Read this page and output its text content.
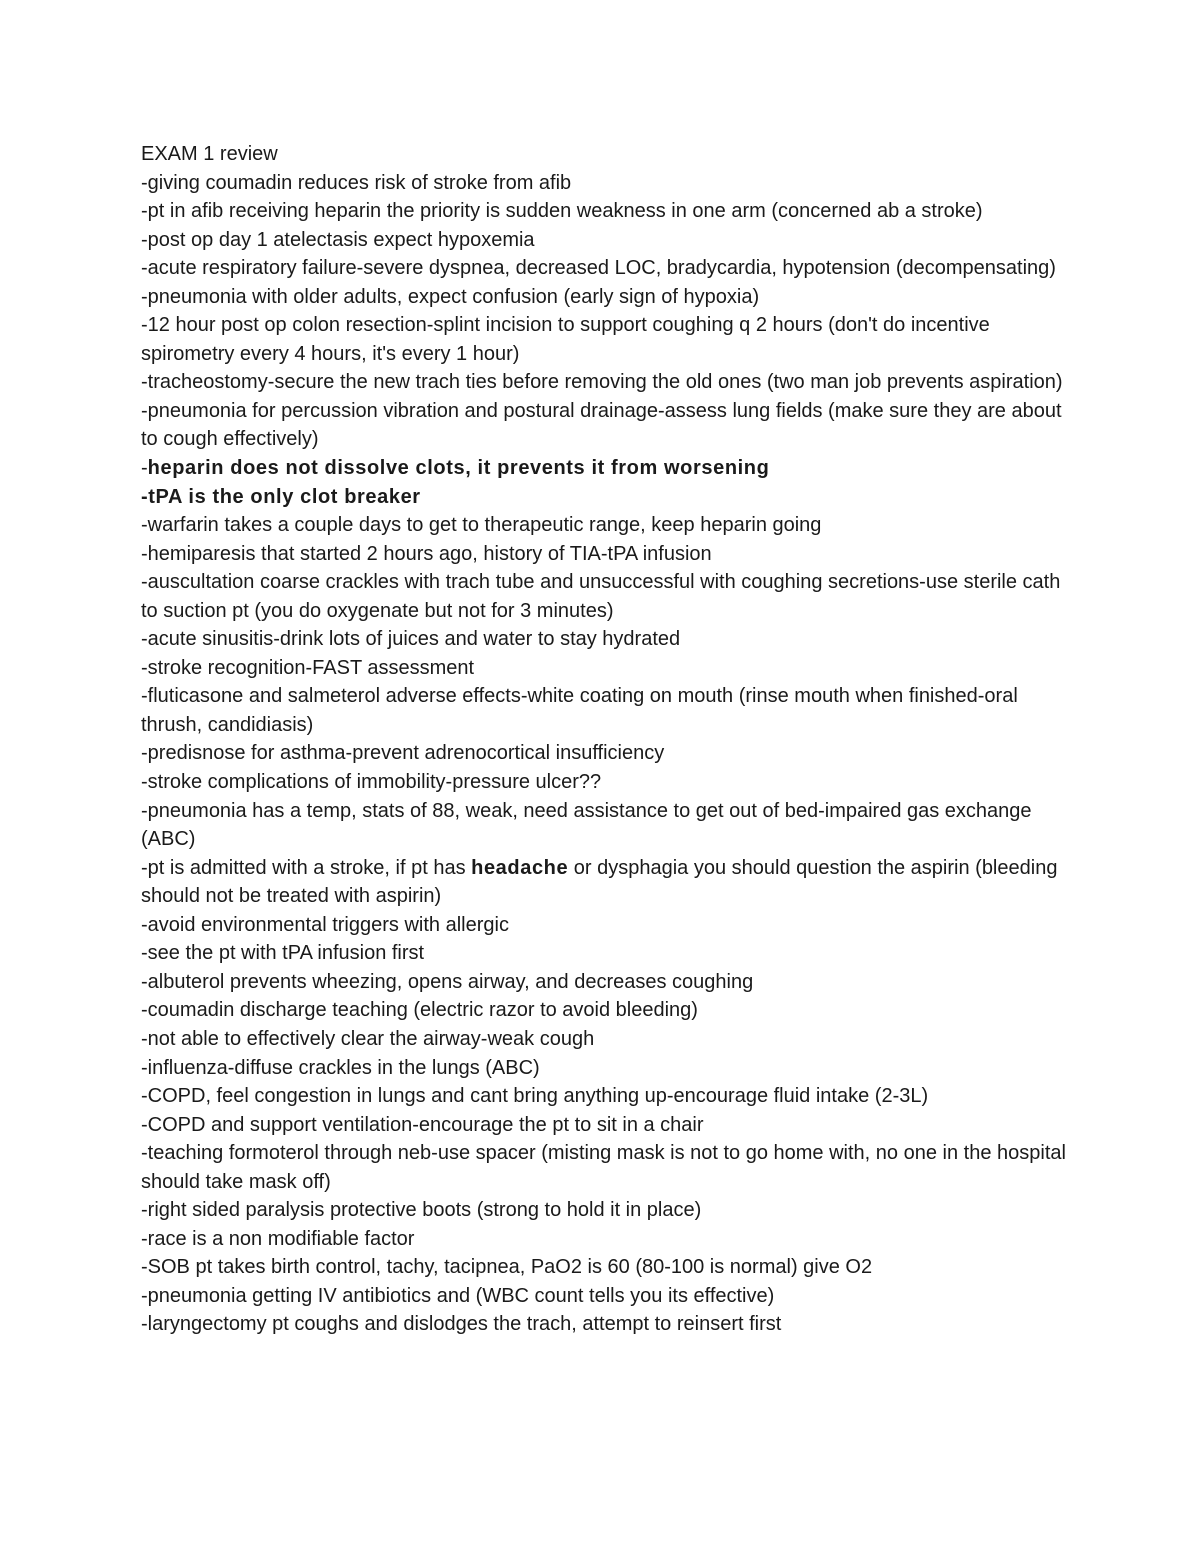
EXAM 1 review
-giving coumadin reduces risk of stroke from afib
-pt in afib receiving heparin the priority is sudden weakness in one arm (concerned ab a stroke)
-post op day 1 atelectasis expect hypoxemia
-acute respiratory failure-severe dyspnea, decreased LOC, bradycardia, hypotension (decompensating)
-pneumonia with older adults, expect confusion (early sign of hypoxia)
-12 hour post op colon resection-splint incision to support coughing q 2 hours (don't do incentive spirometry every 4 hours, it's every 1 hour)
-tracheostomy-secure the new trach ties before removing the old ones (two man job prevents aspiration)
-pneumonia for percussion vibration and postural drainage-assess lung fields (make sure they are about to cough effectively)
-heparin does not dissolve clots, it prevents it from worsening
-tPA is the only clot breaker
-warfarin takes a couple days to get to therapeutic range, keep heparin going
-hemiparesis that started 2 hours ago, history of TIA-tPA infusion
-auscultation coarse crackles with trach tube and unsuccessful with coughing secretions-use sterile cath to suction pt (you do oxygenate but not for 3 minutes)
-acute sinusitis-drink lots of juices and water to stay hydrated
-stroke recognition-FAST assessment
-fluticasone and salmeterol adverse effects-white coating on mouth (rinse mouth when finished-oral thrush, candidiasis)
-predisnose for asthma-prevent adrenocortical insufficiency
-stroke complications of immobility-pressure ulcer??
-pneumonia has a temp, stats of 88, weak, need assistance to get out of bed-impaired gas exchange (ABC)
-pt is admitted with a stroke, if pt has headache or dysphagia you should question the aspirin (bleeding should not be treated with aspirin)
-avoid environmental triggers with allergic
-see the pt with tPA infusion first
-albuterol prevents wheezing, opens airway, and decreases coughing
-coumadin discharge teaching (electric razor to avoid bleeding)
-not able to effectively clear the airway-weak cough
-influenza-diffuse crackles in the lungs (ABC)
-COPD, feel congestion in lungs and cant bring anything up-encourage fluid intake (2-3L)
-COPD and support ventilation-encourage the pt to sit in a chair
-teaching formoterol through neb-use spacer (misting mask is not to go home with, no one in the hospital should take mask off)
-right sided paralysis protective boots (strong to hold it in place)
-race is a non modifiable factor
-SOB pt takes birth control, tachy, tacipnea, PaO2 is 60 (80-100 is normal) give O2
-pneumonia getting IV antibiotics and (WBC count tells you its effective)
-laryngectomy pt coughs and dislodges the trach, attempt to reinsert first
